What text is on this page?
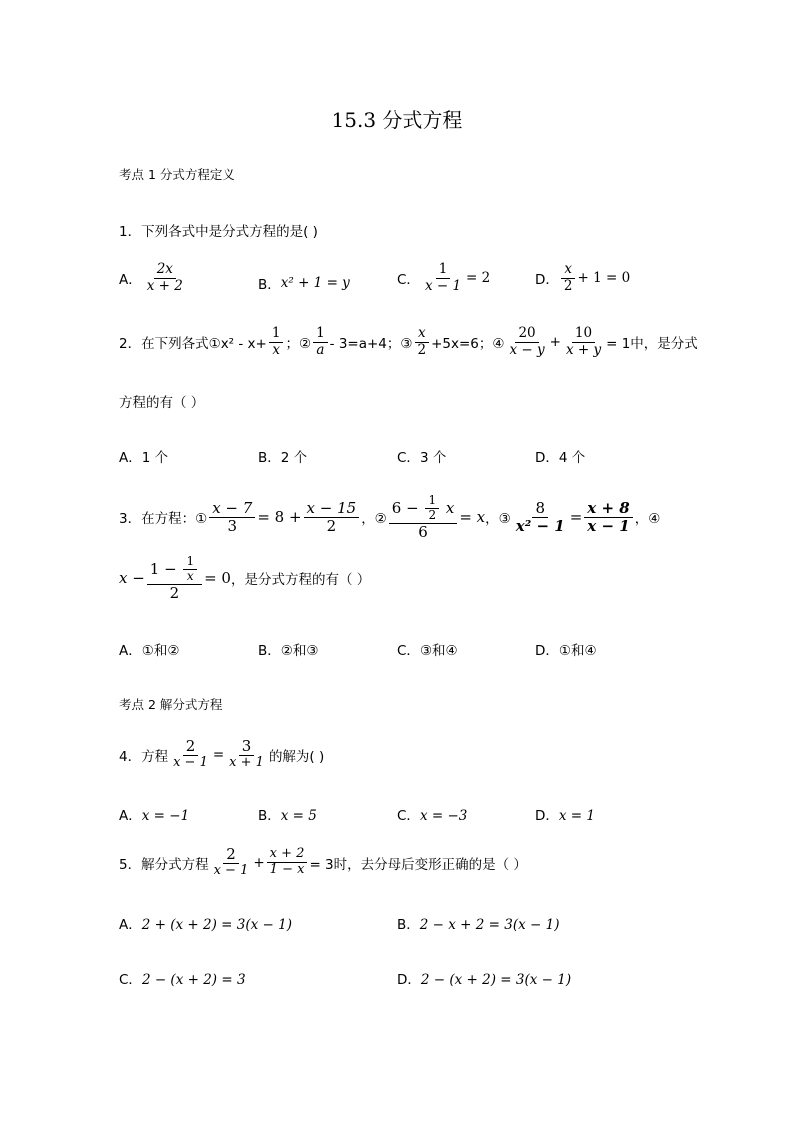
15.3 分式方程
考点 1 分式方程定义
1．下列各式中是分式方程的是( )
A． $\frac{2x}{x + 2}$	B． x² + 1 = y	C． $\frac{1}{x - 1} = 2$	D． $\frac{x}{2} + 1 = 0$
2．在下列各式①x² - $x+ \frac{1}{x}$ ；② $\frac{1}{a} - 3=a+4$；③ $\frac{x}{2} +5x=6$；④ $\frac{20}{x - y} + \frac{10}{x + y} = 1$中，是分式
方程的有（ ）
A．1 个	B．2 个	C．3 个	D．4 个
3．在方程：① $\frac{x - 7}{3} = 8 + \frac{x - 15}{2}$ ，② $\frac{6 - \frac{1}{2} x}{6} = x$ ，③ $\frac{8}{\text{x² − 1}} = \frac{x + 8}{x - 1}$ ，④
$x - \frac{1 - \frac{1}{x}}{2} = 0$ ，是分式方程的有（ ）
A．①和②	B．②和③	C．③和④	D．①和④
考点 2 解分式方程
4．方程 $\frac{2}{x - 1} = \frac{3}{x + 1}$ 的解为( )
A．x = −1	B．x = 5	C．x = −3	D．x = 1
5．解分式方程 $\frac{2}{x - 1} + \frac{x + 2}{1 - x} = 3$时，去分母后变形正确的是（ ）
A．2 + (x + 2) = 3(x − 1)	B．2 − x + 2 = 3(x − 1)
C．2 − (x + 2) = 3	D．2 − (x + 2) = 3(x − 1)
